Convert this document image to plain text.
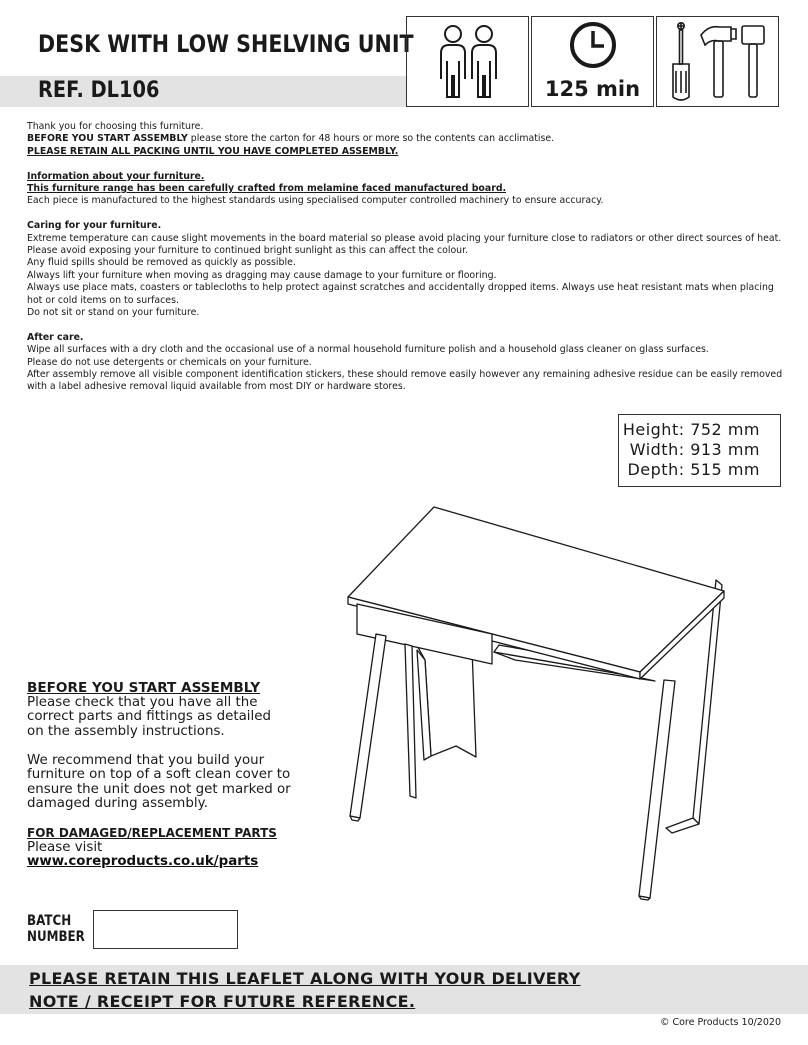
DESK WITH LOW SHELVING UNIT
REF. DL106	125 min

Thank you for choosing this furniture.

BEFORE YOU START ASSEMBLY please store the carton for 48 hours or more so the contents can acclimatise.

PLEASE RETAIN ALL PACKING UNTIL YOU HAVE COMPLETED ASSEMBLY.

Information about your furniture.

This furniture range has been carefully crafted from melamine faced manufactured board.

Each piece is manufactured to the highest standards using specialised computer controlled machinery to ensure accuracy.

Caring for your furniture.

Extreme temperature can cause slight movements in the board material so please avoid placing your furniture close to radiators or other direct sources of heat.

Please avoid exposing your furniture to continued bright sunlight as this can affect the colour.

Any fluid spills should be removed as quickly as possible.

Always lift your furniture when moving as dragging may cause damage to your furniture or flooring.

Always use place mats, coasters or tablecloths to help protect against scratches and accidentally dropped items. Always use heat resistant mats when placing hot or cold items on to surfaces.

Do not sit or stand on your furniture.

After care.

Wipe all surfaces with a dry cloth and the occasional use of a normal household furniture polish and a household glass cleaner on glass surfaces.

Please do not use detergents or chemicals on your furniture.

After assembly remove all visible component identification stickers, these should remove easily however any remaining adhesive residue can be easily removed with a label adhesive removal liquid available from most DIY or hardware stores.

Height: 752 mm
Width: 913 mm
Depth: 515 mm
BEFORE YOU START ASSEMBLY
Please check that you have all the
correct parts and fittings as detailed
on the assembly instructions.
We recommend that you build your
furniture on top of a soft clean cover to
ensure the unit does not get marked or
damaged during assembly.
FOR DAMAGED/REPLACEMENT PARTS
Please visit
www.coreproducts.co.uk/parts
BATCH
NUMBER
PLEASE RETAIN THIS LEAFLET ALONG WITH YOUR DELIVERY
NOTE / RECEIPT FOR FUTURE REFERENCE.
© Core Products 10/2020
